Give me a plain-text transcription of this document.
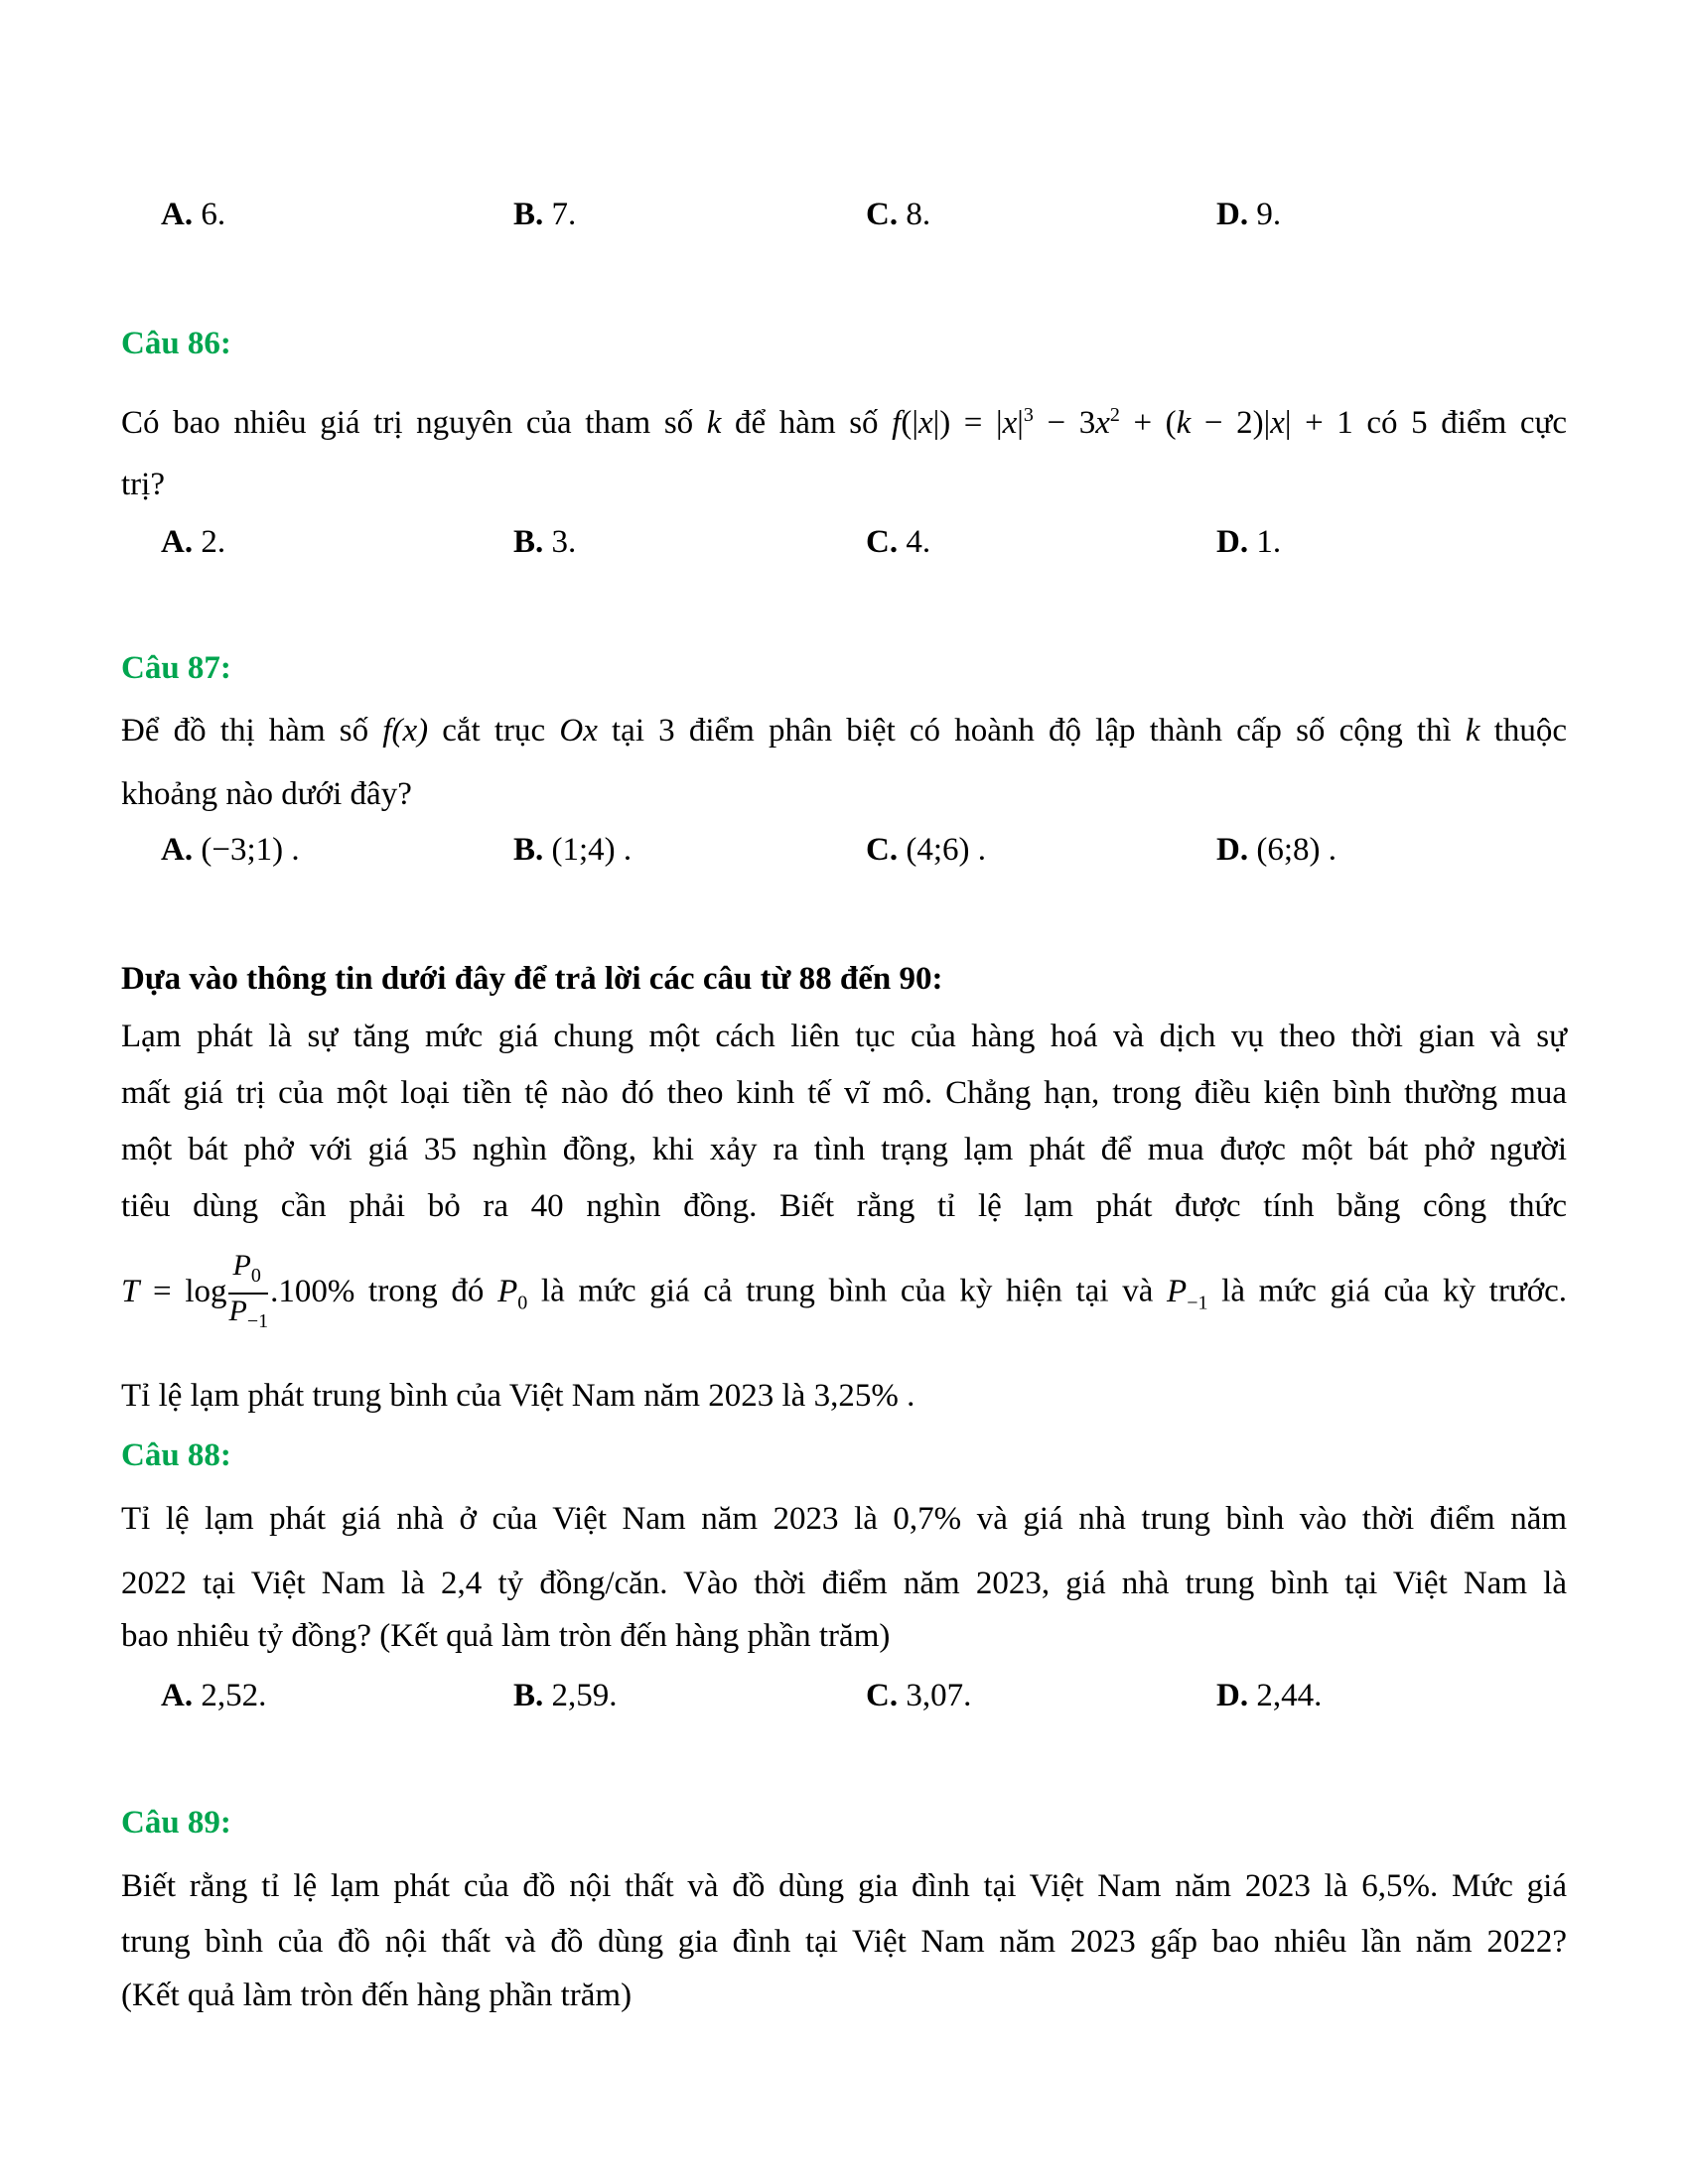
A. 6.	B. 7.	C. 8.	D. 9.
Câu 86:
Có bao nhiêu giá trị nguyên của tham số k để hàm số $f(|x|) = |x|^3 - 3x^2 + (k - 2)|x| + 1$ có 5 điểm cực
trị?
A. 2.	B. 3.	C. 4.	D. 1.
Câu 87:
Để đồ thị hàm số f(x) cắt trục Ox tại 3 điểm phân biệt có hoành độ lập thành cấp số cộng thì k thuộc
khoảng nào dưới đây?
A. (−3;1) .	B. (1;4) .	C. (4;6) .	D. (6;8) .
Dựa vào thông tin dưới đây để trả lời các câu từ 88 đến 90:
Lạm phát là sự tăng mức giá chung một cách liên tục của hàng hoá và dịch vụ theo thời gian và sự
mất giá trị của một loại tiền tệ nào đó theo kinh tế vĩ mô. Chẳng hạn, trong điều kiện bình thường mua
một bát phở với giá 35 nghìn đồng, khi xảy ra tình trạng lạm phát để mua được một bát phở người
tiêu dùng cần phải bỏ ra 40 nghìn đồng. Biết rằng tỉ lệ lạm phát được tính bằng công thức
$T = \log \frac{P_0}{P_{-1}} .100\%$ trong đó $P_0$ là mức giá cả trung bình của kỳ hiện tại và $P_{-1}$ là mức giá của kỳ trước.
Tỉ lệ lạm phát trung bình của Việt Nam năm 2023 là 3,25% .
Câu 88:
Tỉ lệ lạm phát giá nhà ở của Việt Nam năm 2023 là 0,7% và giá nhà trung bình vào thời điểm năm
2022 tại Việt Nam là 2,4 tỷ đồng/căn. Vào thời điểm năm 2023, giá nhà trung bình tại Việt Nam là
bao nhiêu tỷ đồng? (Kết quả làm tròn đến hàng phần trăm)
A. 2,52.	B. 2,59.	C. 3,07.	D. 2,44.
Câu 89:
Biết rằng tỉ lệ lạm phát của đồ nội thất và đồ dùng gia đình tại Việt Nam năm 2023 là 6,5%. Mức giá
trung bình của đồ nội thất và đồ dùng gia đình tại Việt Nam năm 2023 gấp bao nhiêu lần năm 2022?
(Kết quả làm tròn đến hàng phần trăm)
